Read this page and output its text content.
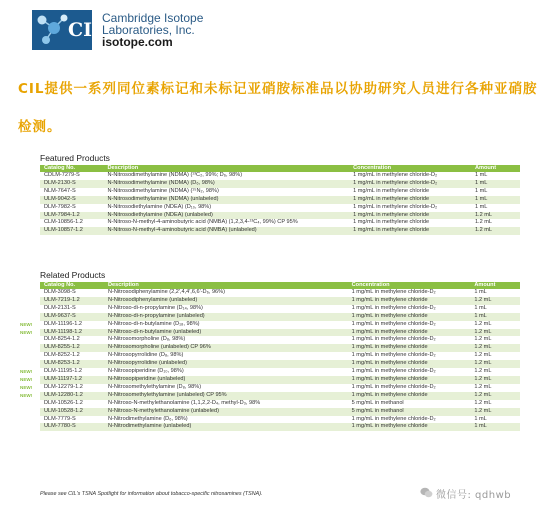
CIL
Cambridge Isotope
Laboratories, Inc.
isotope.com
CIL提供一系列同位素标记和未标记亚硝胺标准品以协助研究人员进行各种亚硝胺检测。
Featured Products
Catalog No.	Description	Concentration	Amount
CDLM-7279-S	N-Nitrosodimethylamine (NDMA) (¹³C₂, 99%; D₆, 98%)	1 mg/mL in methylene chloride-D₂	1 mL
DLM-2130-S	N-Nitrosodimethylamine (NDMA) (D₆, 98%)	1 mg/mL in methylene chloride-D₂	1 mL
NLM-7647-S	N-Nitrosodimethylamine (NDMA) (¹⁵N₂, 98%)	1 mg/mL in methylene chloride	1 mL
ULM-9042-S	N-Nitrosodimethylamine (NDMA) (unlabeled)	1 mg/mL in methylene chloride	1 mL
DLM-7982-S	N-Nitrosodiethylamine (NDEA) (D₁₀, 98%)	1 mg/mL in methylene chloride-D₂	1 mL
ULM-7984-1.2	N-Nitrosodiethylamine (NDEA) (unlabeled)	1 mg/mL in methylene chloride	1.2 mL
CLM-10856-1.2	N-Nitroso-N-methyl-4-aminobutyric acid (NMBA) (1,2,3,4-¹³C₄, 99%) CP 95%	1 mg/mL in methylene chloride	1.2 mL
ULM-10857-1.2	N-Nitroso-N-methyl-4-aminobutyric acid (NMBA) (unlabeled)	1 mg/mL in methylene chloride	1.2 mL
Related Products
NEW!
NEW!
NEW!
NEW!
NEW!
NEW!
Catalog No.	Description	Concentration	Amount
DLM-3098-S	N-Nitrosodiphenylamine (2,2′,4,4′,6,6′-D₆, 96%)	1 mg/mL in methylene chloride-D₂	1 mL
ULM-7219-1.2	N-Nitrosodiphenylamine (unlabeled)	1 mg/mL in methylene chloride	1.2 mL
DLM-2131-S	N-Nitroso-di-n-propylamine (D₁₄, 98%)	1 mg/mL in methylene chloride-D₂	1 mL
ULM-9637-S	N-Nitroso-di-n-propylamine (unlabeled)	1 mg/mL in methylene chloride	1 mL
DLM-11196-1.2	N-Nitroso-di-n-butylamine (D₁₈, 98%)	1 mg/mL in methylene chloride-D₂	1.2 mL
ULM-11198-1.2	N-Nitroso-di-n-butylamine (unlabeled)	1 mg/mL in methylene chloride	1.2 mL
DLM-8254-1.2	N-Nitrosomorpholine (D₈, 98%)	1 mg/mL in methylene chloride-D₂	1.2 mL
ULM-8255-1.2	N-Nitrosomorpholine (unlabeled) CP 96%	1 mg/mL in methylene chloride	1.2 mL
DLM-8252-1.2	N-Nitrosopyrrolidine (D₈, 98%)	1 mg/mL in methylene chloride-D₂	1.2 mL
ULM-8253-1.2	N-Nitrosopyrrolidine (unlabeled)	1 mg/mL in methylene chloride	1.2 mL
DLM-11195-1.2	N-Nitrosopiperidine (D₁₀, 98%)	1 mg/mL in methylene chloride-D₂	1.2 mL
ULM-11197-1.2	N-Nitrosopiperidine (unlabeled)	1 mg/mL in methylene chloride	1.2 mL
DLM-12279-1.2	N-Nitrosomethylethylamine (D₈, 98%)	1 mg/mL in methylene chloride-D₂	1.2 mL
ULM-12280-1.2	N-Nitrosomethylethylamine (unlabeled) CP 95%	1 mg/mL in methylene chloride	1.2 mL
DLM-10526-1.2	N-Nitroso-N-methylethanolamine (1,1,2,2-D₄, methyl-D₃, 98%	5 mg/mL in methanol	1.2 mL
ULM-10528-1.2	N-Nitroso-N-methylethanolamine (unlabeled)	5 mg/mL in methanol	1.2 mL
DLM-7779-S	N-Nitrodimethylamine (D₆, 98%)	1 mg/mL in methylene chloride-D₂	1 mL
ULM-7780-S	N-Nitrodimethylamine (unlabeled)	1 mg/mL in methylene chloride	1 mL
Please see CIL's TSNA Spotlight for information about tobacco-specific nitrosamines (TSNA).	微信号: qdhwb
